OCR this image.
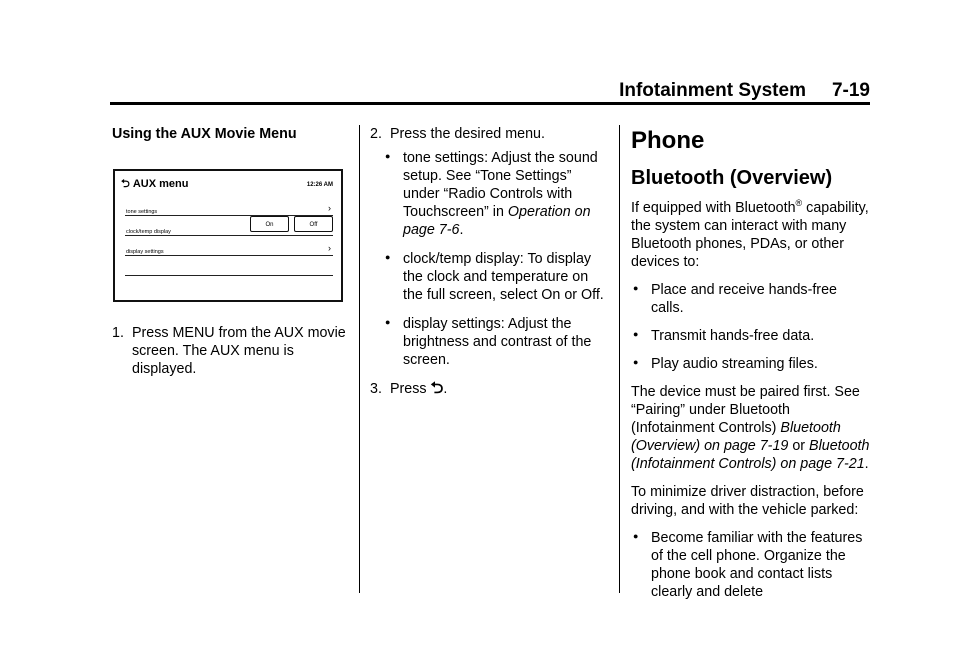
Infotainment System 7-19
Using the AUX Movie Menu
⮌ AUX menu	12:26 AM
tone settings	›
clock/temp display
On	Off
display settings	›
1. Press MENU from the AUX movie screen. The AUX menu is displayed.
2. Press the desired menu.
● tone settings: Adjust the sound setup. See “Tone Settings” under “Radio Controls with Touchscreen” in Operation on page 7-6.
● clock/temp display: To display the clock and temperature on the full screen, select On or Off.
● display settings: Adjust the brightness and contrast of the screen.
3. Press ⮌.
Phone
Bluetooth (Overview)

If equipped with Bluetooth® capability, the system can interact with many Bluetooth phones, PDAs, or other devices to:

● Place and receive hands-free calls.
● Transmit hands-free data.
● Play audio streaming files.

The device must be paired first. See “Pairing” under Bluetooth (Infotainment Controls) Bluetooth (Overview) on page 7-19 or Bluetooth (Infotainment Controls) on page 7-21.

To minimize driver distraction, before driving, and with the vehicle parked:

● Become familiar with the features of the cell phone. Organize the phone book and contact lists clearly and delete
